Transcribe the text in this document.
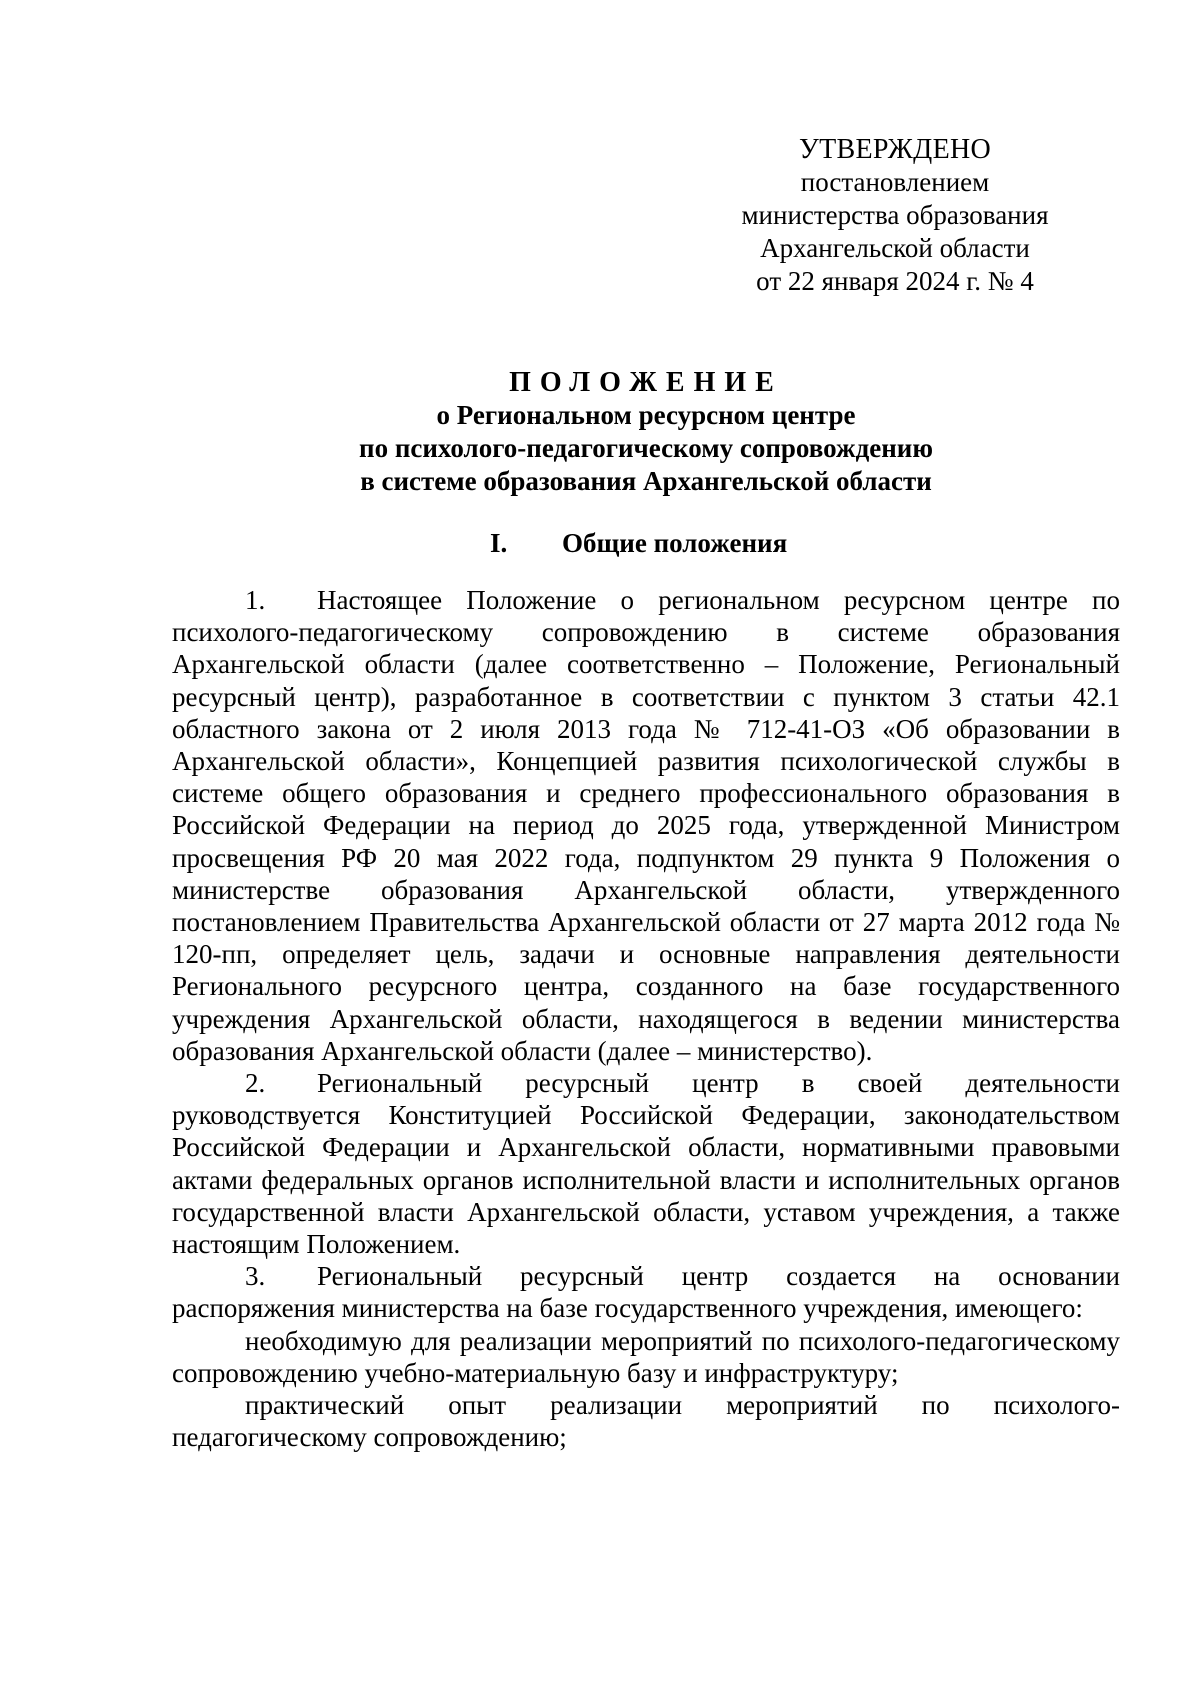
УТВЕРЖДЕНО
постановлением
министерства образования
Архангельской области
от 22 января 2024 г. № 4
ПОЛОЖЕНИЕ
о Региональном ресурсном центре
по психолого-педагогическому сопровождению
в системе образования Архангельской области
I. Общие положения

1. Настоящее Положение о региональном ресурсном центре по психолого-педагогическому сопровождению в системе образования Архангельской области (далее соответственно – Положение, Региональный ресурсный центр), разработанное в соответствии с пунктом 3 статьи 42.1 областного закона от 2 июля 2013 года № 712-41-ОЗ «Об образовании в Архангельской области», Концепцией развития психологической службы в системе общего образования и среднего профессионального образования в Российской Федерации на период до 2025 года, утвержденной Министром просвещения РФ 20 мая 2022 года, подпунктом 29 пункта 9 Положения о министерстве образования Архангельской области, утвержденного постановлением Правительства Архангельской области от 27 марта 2012 года № 120-пп, определяет цель, задачи и основные направления деятельности Регионального ресурсного центра, созданного на базе государственного учреждения Архангельской области, находящегося в ведении министерства образования Архангельской области (далее – министерство).

2. Региональный ресурсный центр в своей деятельности руководствуется Конституцией Российской Федерации, законодательством Российской Федерации и Архангельской области, нормативными правовыми актами федеральных органов исполнительной власти и исполнительных органов государственной власти Архангельской области, уставом учреждения, а также настоящим Положением.

3. Региональный ресурсный центр создается на основании распоряжения министерства на базе государственного учреждения, имеющего:

необходимую для реализации мероприятий по психолого-педагогическому сопровождению учебно-материальную базу и инфраструктуру;

практический опыт реализации мероприятий по психолого-педагогическому сопровождению;
